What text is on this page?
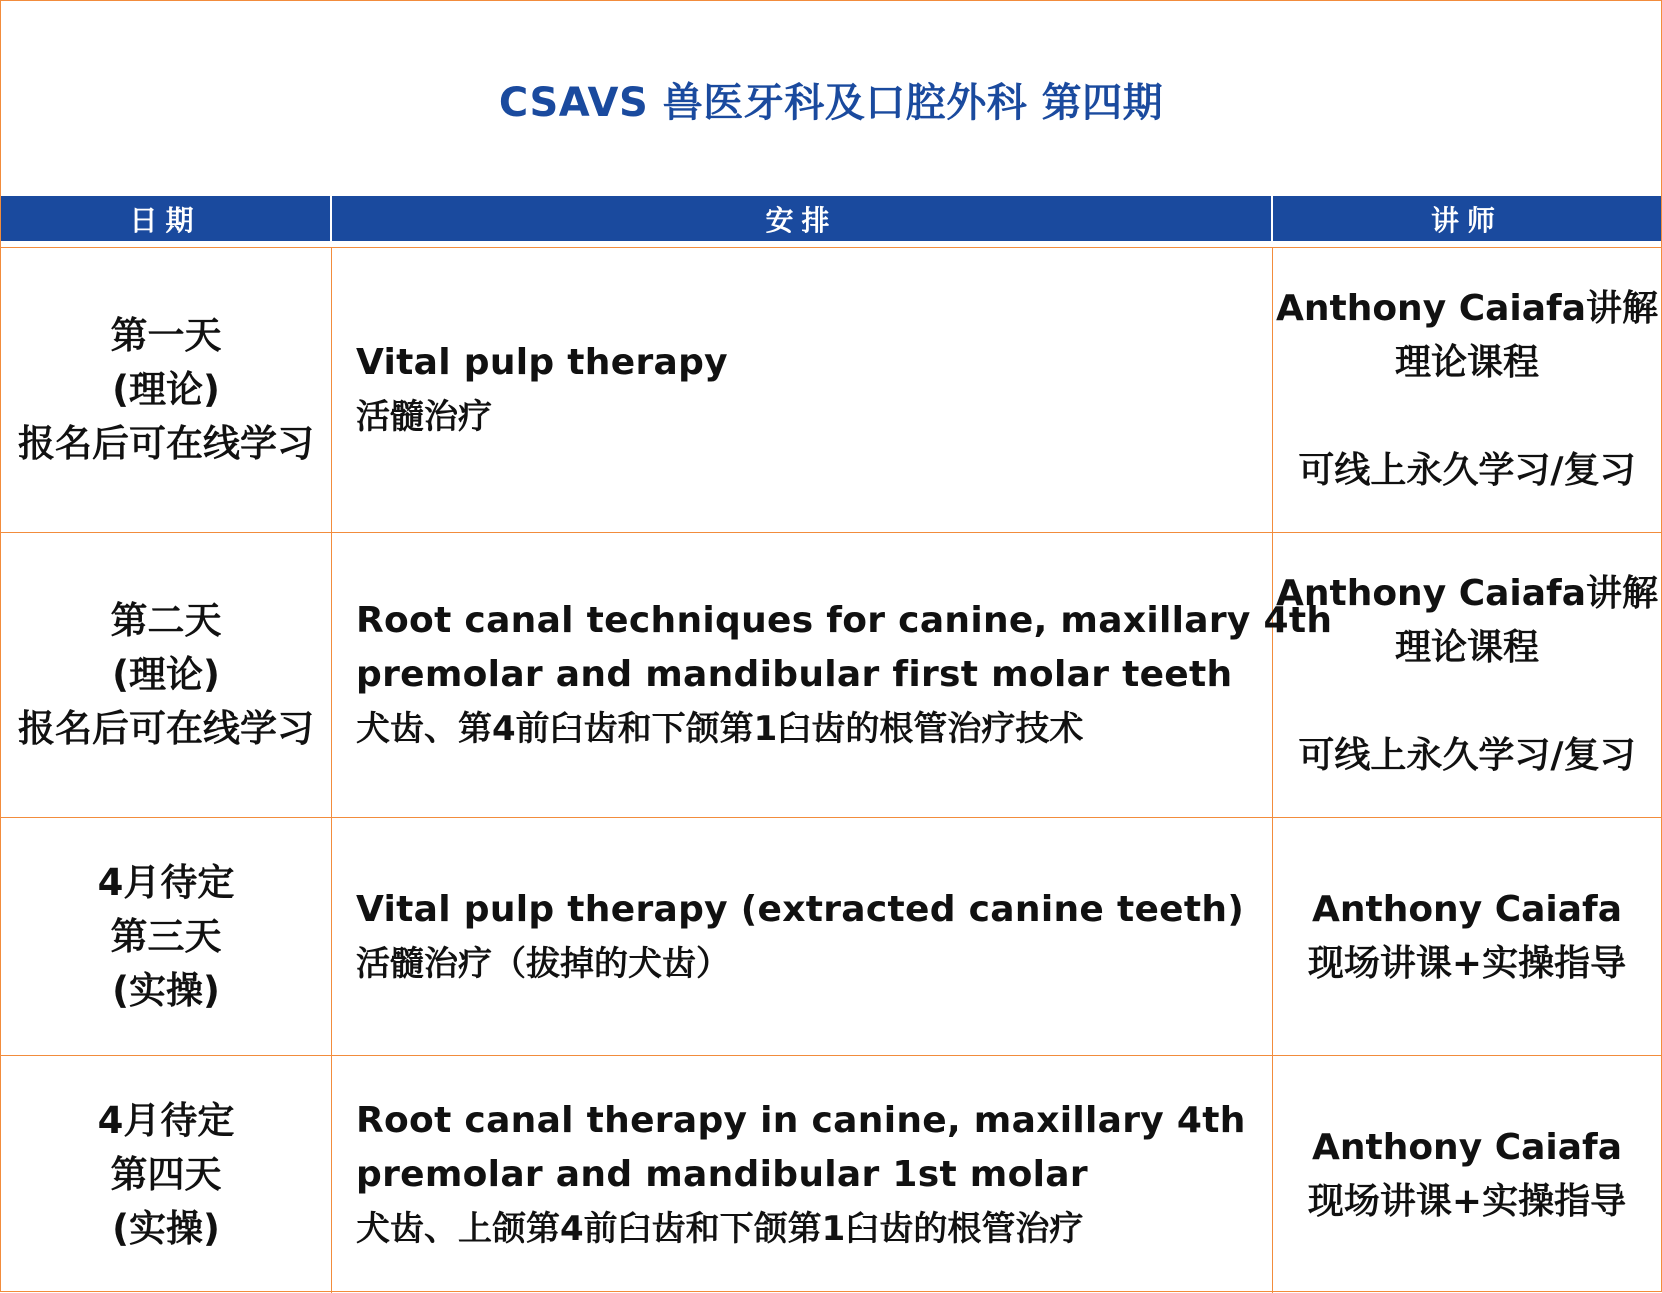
CSAVS 兽医牙科及口腔外科 第四期
日期	安排	讲师
第一天
(理论)
报名后可在线学习
Vital pulp therapy
活髓治疗
Anthony Caiafa讲解
理论课程
可线上永久学习/复习
第二天
(理论)
报名后可在线学习
Root canal techniques for canine, maxillary 4th
premolar and mandibular first molar teeth
犬齿、第4前臼齿和下颌第1臼齿的根管治疗技术
Anthony Caiafa讲解
理论课程
可线上永久学习/复习
4月待定
第三天
(实操)
Vital pulp therapy (extracted canine teeth)
活髓治疗（拔掉的犬齿）
Anthony Caiafa
现场讲课+实操指导
4月待定
第四天
(实操)
Root canal therapy in canine, maxillary 4th
premolar and mandibular 1st molar
犬齿、上颌第4前臼齿和下颌第1臼齿的根管治疗
Anthony Caiafa
现场讲课+实操指导
